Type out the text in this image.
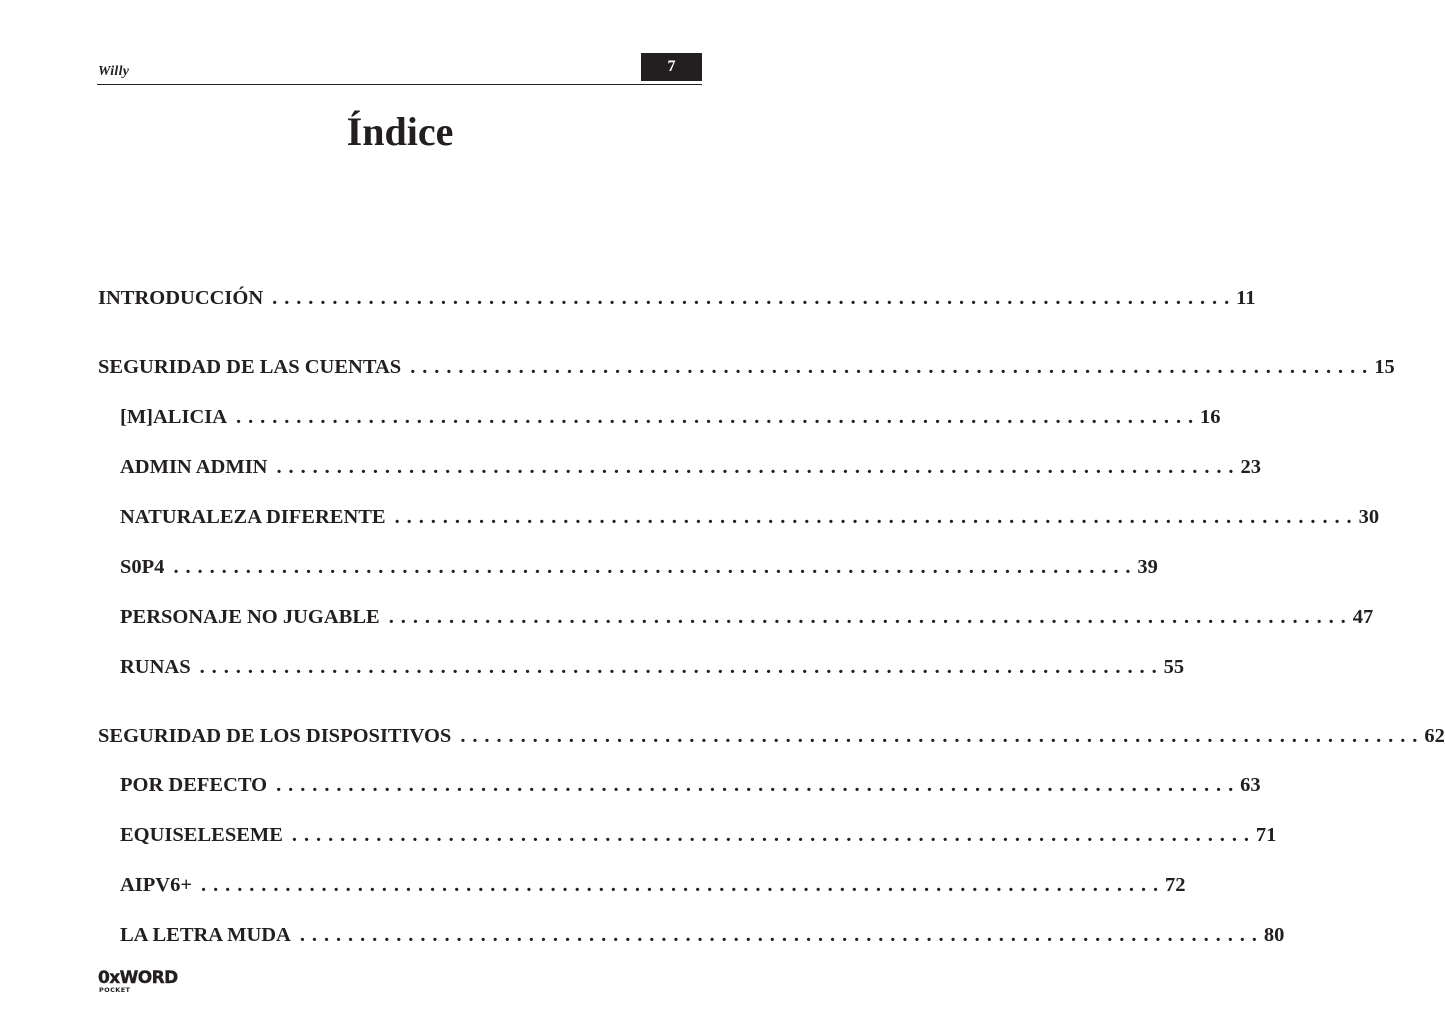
Willy	7
Índice
INTRODUCCIÓN . . . . . . . . . . . . . . . . . . . . . . . . . . . . . . . . . . . . . . . . . . . . . . . . . . . . . . . . . . . . . . . . . . . . . . . . . . . . . . . . 11
SEGURIDAD DE LAS CUENTAS . . . . . . . . . . . . . . . . . . . . . . . . . . . . . . . . . . . . . . . . . . . . . . . . . . . . . . . . . . . . . . . . . . . . . . . . . . . . . . . . 15
[M]ALICIA . . . . . . . . . . . . . . . . . . . . . . . . . . . . . . . . . . . . . . . . . . . . . . . . . . . . . . . . . . . . . . . . . . . . . . . . . . . . . . . . 16
ADMIN ADMIN . . . . . . . . . . . . . . . . . . . . . . . . . . . . . . . . . . . . . . . . . . . . . . . . . . . . . . . . . . . . . . . . . . . . . . . . . . . . . . . . 23
NATURALEZA DIFERENTE . . . . . . . . . . . . . . . . . . . . . . . . . . . . . . . . . . . . . . . . . . . . . . . . . . . . . . . . . . . . . . . . . . . . . . . . . . . . . . . . 30
S0P4 . . . . . . . . . . . . . . . . . . . . . . . . . . . . . . . . . . . . . . . . . . . . . . . . . . . . . . . . . . . . . . . . . . . . . . . . . . . . . . . . 39
PERSONAJE NO JUGABLE . . . . . . . . . . . . . . . . . . . . . . . . . . . . . . . . . . . . . . . . . . . . . . . . . . . . . . . . . . . . . . . . . . . . . . . . . . . . . . . . 47
RUNAS . . . . . . . . . . . . . . . . . . . . . . . . . . . . . . . . . . . . . . . . . . . . . . . . . . . . . . . . . . . . . . . . . . . . . . . . . . . . . . . . 55
SEGURIDAD DE LOS DISPOSITIVOS . . . . . . . . . . . . . . . . . . . . . . . . . . . . . . . . . . . . . . . . . . . . . . . . . . . . . . . . . . . . . . . . . . . . . . . . . . . . . . . . 62
POR DEFECTO . . . . . . . . . . . . . . . . . . . . . . . . . . . . . . . . . . . . . . . . . . . . . . . . . . . . . . . . . . . . . . . . . . . . . . . . . . . . . . . . 63
EQUISELESEME . . . . . . . . . . . . . . . . . . . . . . . . . . . . . . . . . . . . . . . . . . . . . . . . . . . . . . . . . . . . . . . . . . . . . . . . . . . . . . . . 71
AIPV6+ . . . . . . . . . . . . . . . . . . . . . . . . . . . . . . . . . . . . . . . . . . . . . . . . . . . . . . . . . . . . . . . . . . . . . . . . . . . . . . . . 72
LA LETRA MUDA . . . . . . . . . . . . . . . . . . . . . . . . . . . . . . . . . . . . . . . . . . . . . . . . . . . . . . . . . . . . . . . . . . . . . . . . . . . . . . . . 80
0xWORD
POCKET
